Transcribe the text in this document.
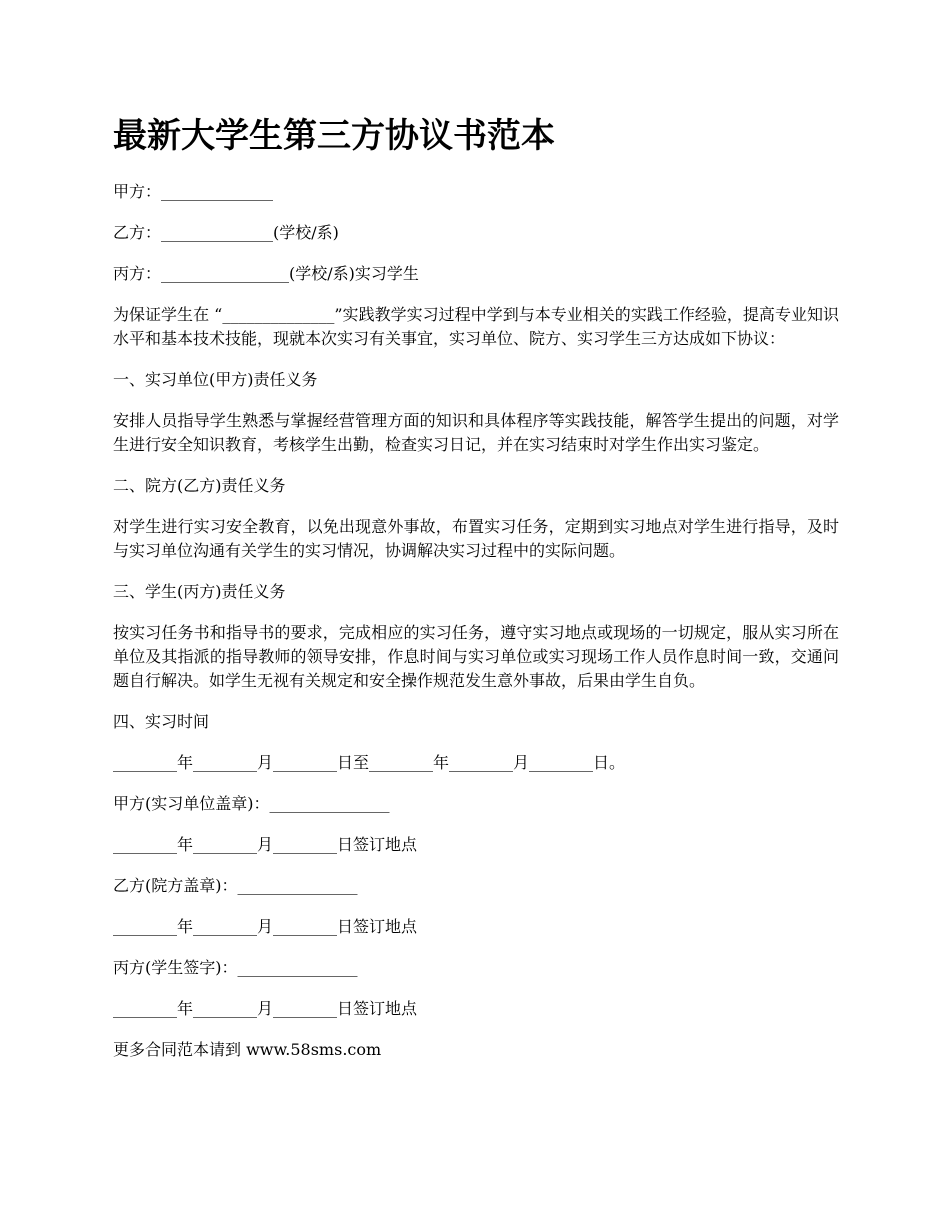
最新大学生第三方协议书范本

甲方：______________

乙方：______________(学校/系)

丙方：________________(学校/系)实习学生

为保证学生在 “______________”实践教学实习过程中学到与本专业相关的实践工作经验，提高专业知识水平和基本技术技能，现就本次实习有关事宜，实习单位、院方、实习学生三方达成如下协议：

一、实习单位(甲方)责任义务

安排人员指导学生熟悉与掌握经营管理方面的知识和具体程序等实践技能，解答学生提出的问题，对学生进行安全知识教育，考核学生出勤，检查实习日记，并在实习结束时对学生作出实习鉴定。

二、院方(乙方)责任义务

对学生进行实习安全教育，以免出现意外事故，布置实习任务，定期到实习地点对学生进行指导，及时与实习单位沟通有关学生的实习情况，协调解决实习过程中的实际问题。

三、学生(丙方)责任义务

按实习任务书和指导书的要求，完成相应的实习任务，遵守实习地点或现场的一切规定，服从实习所在单位及其指派的指导教师的领导安排，作息时间与实习单位或实习现场工作人员作息时间一致，交通问题自行解决。如学生无视有关规定和安全操作规范发生意外事故，后果由学生自负。

四、实习时间

________年________月________日至________年________月________日。

甲方(实习单位盖章)：_______________

________年________月________日签订地点

乙方(院方盖章)：_______________

________年________月________日签订地点

丙方(学生签字)：_______________

________年________月________日签订地点

更多合同范本请到 www.58sms.com
